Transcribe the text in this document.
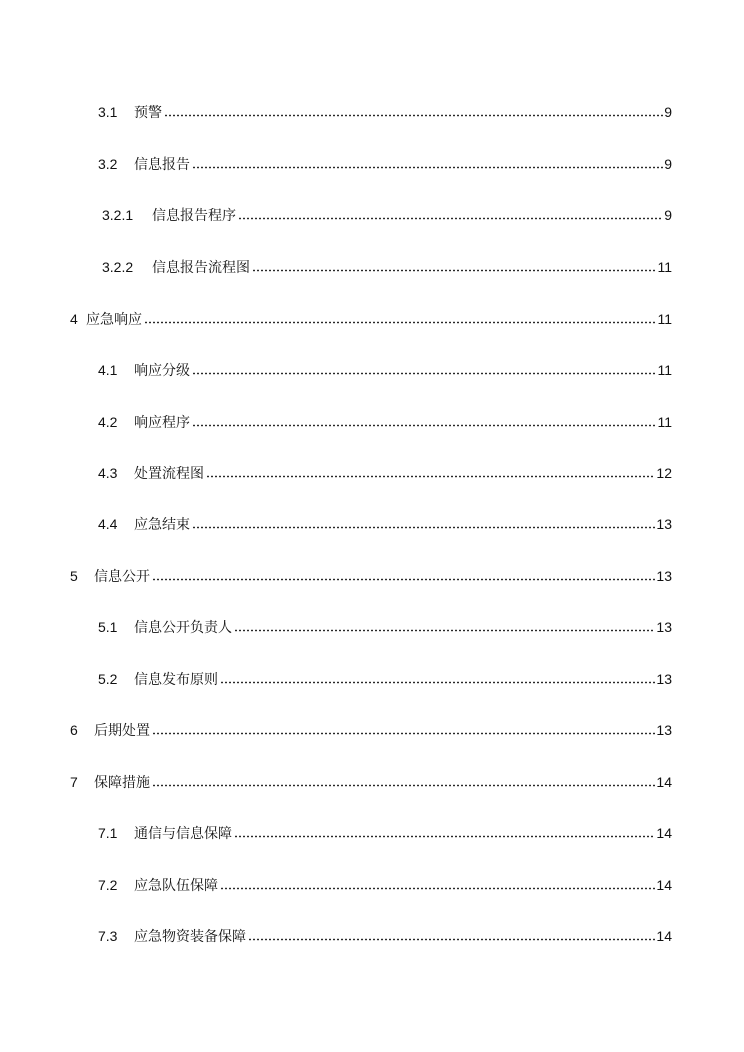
3.1	预警	9
3.2	信息报告	9
3.2.1	信息报告程序	9
3.2.2	信息报告流程图	11
4 应急响应	11
4.1	响应分级	11
4.2	响应程序	11
4.3	处置流程图	12
4.4	应急结束	13
5	信息公开	13
5.1	信息公开负责人	13
5.2	信息发布原则	13
6	后期处置	13
7	保障措施	14
7.1	通信与信息保障	14
7.2	应急队伍保障	14
7.3	应急物资装备保障	14
